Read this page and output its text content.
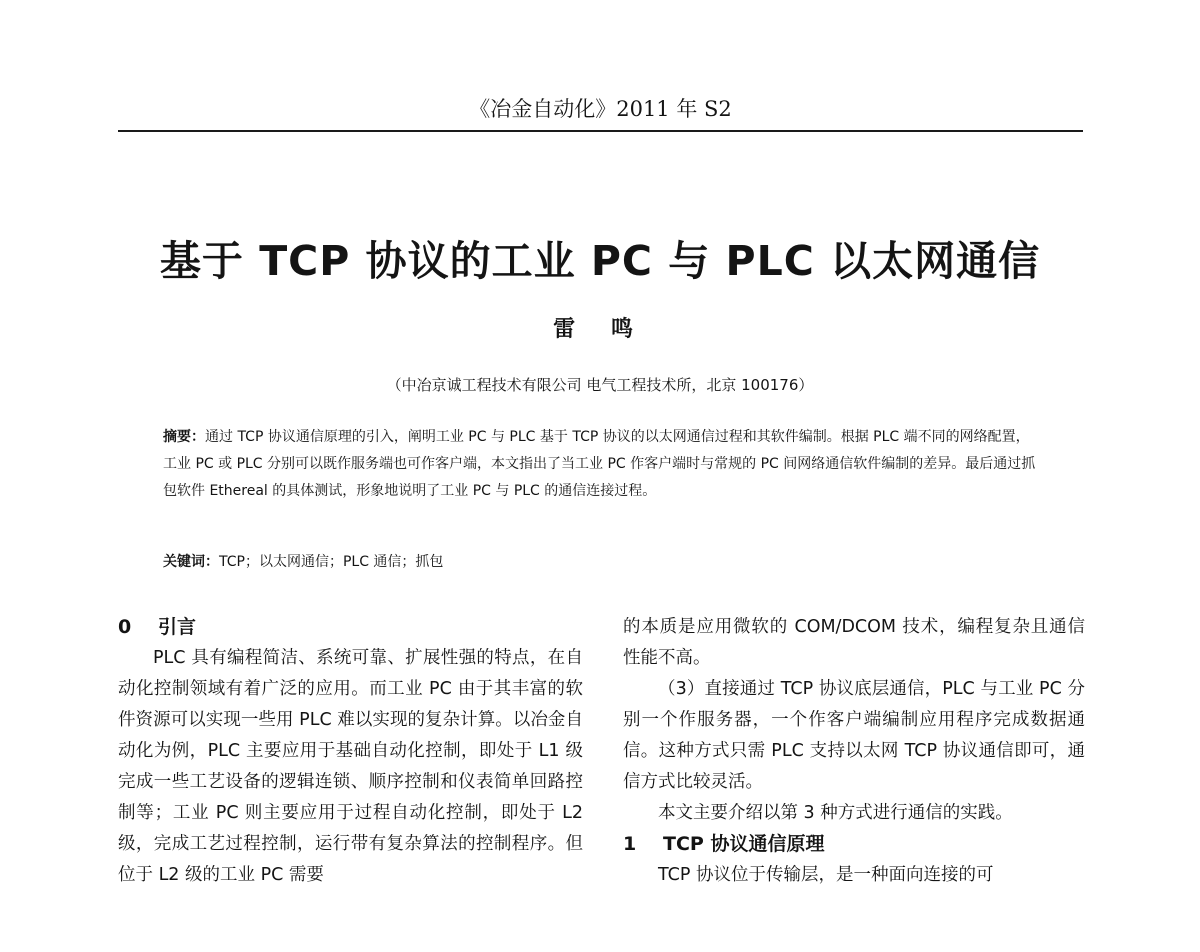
《冶金自动化》2011 年 S2
基于 TCP 协议的工业 PC 与 PLC 以太网通信
雷 鸣
（中冶京诚工程技术有限公司 电气工程技术所，北京 100176）
摘要：通过 TCP 协议通信原理的引入，阐明工业 PC 与 PLC 基于 TCP 协议的以太网通信过程和其软件编制。根据 PLC 端不同的网络配置，工业 PC 或 PLC 分别可以既作服务端也可作客户端，本文指出了当工业 PC 作客户端时与常规的 PC 间网络通信软件编制的差异。最后通过抓包软件 Ethereal 的具体测试，形象地说明了工业 PC 与 PLC 的通信连接过程。
关键词：TCP；以太网通信；PLC 通信；抓包

0 引言

PLC 具有编程简洁、系统可靠、扩展性强的特点，在自动化控制领域有着广泛的应用。而工业 PC 由于其丰富的软件资源可以实现一些用 PLC 难以实现的复杂计算。以冶金自动化为例，PLC 主要应用于基础自动化控制，即处于 L1 级完成一些工艺设备的逻辑连锁、顺序控制和仪表简单回路控制等；工业 PC 则主要应用于过程自动化控制，即处于 L2 级，完成工艺过程控制，运行带有复杂算法的控制程序。但位于 L2 级的工业 PC 需要

的本质是应用微软的 COM/DCOM 技术，编程复杂且通信性能不高。

（3）直接通过 TCP 协议底层通信，PLC 与工业 PC 分别一个作服务器，一个作客户端编制应用程序完成数据通信。这种方式只需 PLC 支持以太网 TCP 协议通信即可，通信方式比较灵活。

本文主要介绍以第 3 种方式进行通信的实践。

1 TCP 协议通信原理

TCP 协议位于传输层，是一种面向连接的可
